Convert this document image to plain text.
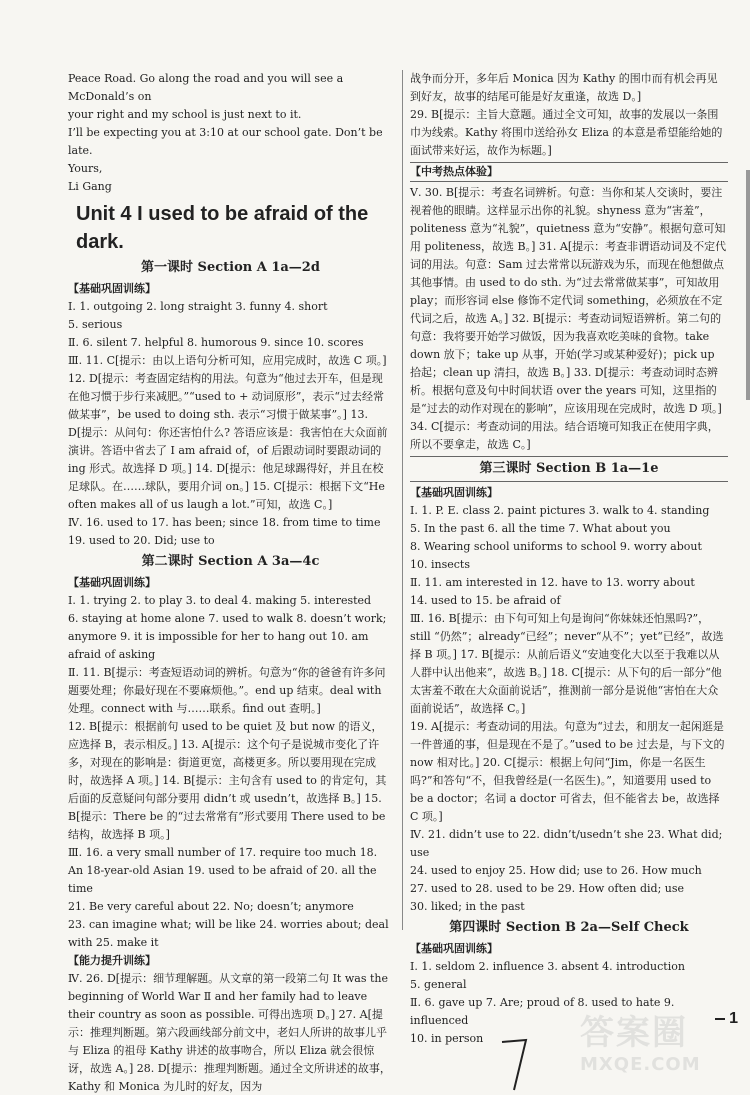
Peace Road. Go along the road and you will see a McDonald’s on

your right and my school is just next to it.

I’ll be expecting you at 3:10 at our school gate. Don’t be late.

Yours,

Li Gang

Unit 4 I used to be afraid of the dark.
第一课时 Section A 1a—2d
【基础巩固训练】

Ⅰ. 1. outgoing 2. long straight 3. funny 4. short

5. serious

Ⅱ. 6. silent 7. helpful 8. humorous 9. since 10. scores

Ⅲ. 11. C[提示：由以上语句分析可知，应用完成时，故选 C 项。]

12. D[提示：考查固定结构的用法。句意为“他过去开车，但是现在他习惯于步行来减肥。”“used to + 动词原形”，表示“过去经常做某事”，be used to doing sth. 表示“习惯于做某事”。] 13. D[提示：从问句：你还害怕什么? 答语应该是：我害怕在大众面前演讲。答语中省去了 I am afraid of，of 后跟动词时要跟动词的 ing 形式。故选择 D 项。] 14. D[提示：他足球踢得好，并且在校足球队。在……球队，要用介词 on。] 15. C[提示：根据下文“He often makes all of us laugh a lot.”可知，故选 C。]

Ⅳ. 16. used to 17. has been; since 18. from time to time

19. used to 20. Did; use to

第二课时 Section A 3a—4c
【基础巩固训练】

Ⅰ. 1. trying 2. to play 3. to deal 4. making 5. interested

6. staying at home alone 7. used to walk 8. doesn’t work; anymore 9. it is impossible for her to hang out 10. am afraid of asking

Ⅱ. 11. B[提示：考查短语动词的辨析。句意为“你的爸爸有许多问题要处理；你最好现在不要麻烦他。”。end up 结束。deal with 处理。connect with 与……联系。find out 查明。]

12. B[提示：根据前句 used to be quiet 及 but now 的语义，应选择 B，表示相反。] 13. A[提示：这个句子是说城市变化了许多，对现在的影响是：街道更宽，高楼更多。所以要用现在完成时，故选择 A 项。] 14. B[提示：主句含有 used to 的肯定句，其后面的反意疑问句部分要用 didn’t 或 usedn’t，故选择 B。] 15. B[提示：There be 的“过去常常有”形式要用 There used to be 结构，故选择 B 项。]

Ⅲ. 16. a very small number of 17. require too much 18. An 18-year-old Asian 19. used to be afraid of 20. all the time

21. Be very careful about 22. No; doesn’t; anymore

23. can imagine what; will be like 24. worries about; deal with 25. make it

【能力提升训练】

Ⅳ. 26. D[提示：细节理解题。从文章的第一段第二句 It was the beginning of World War Ⅱ and her family had to leave their country as soon as possible. 可得出选项 D。] 27. A[提示：推理判断题。第六段画线部分前文中，老妇人所讲的故事儿乎与 Eliza 的祖母 Kathy 讲述的故事吻合，所以 Eliza 就会很惊讶，故选 A。] 28. D[提示：推理判断题。通过全文所讲述的故事，Kathy 和 Monica 为儿时的好友，因为

战争而分开，多年后 Monica 因为 Kathy 的围巾而有机会再见到好友，故事的结尾可能是好友重逢，故选 D。]

29. B[提示：主旨大意题。通过全文可知，故事的发展以一条围巾为线索。Kathy 将围巾送给孙女 Eliza 的本意是希望能给她的面试带来好运，故作为标题。]

【中考热点体验】

Ⅴ. 30. B[提示：考查名词辨析。句意：当你和某人交谈时，要注视着他的眼睛。这样显示出你的礼貌。shyness 意为“害羞”，politeness 意为“礼貌”，quietness 意为“安静”。根据句意可知用 politeness，故选 B。] 31. A[提示：考查非谓语动词及不定代词的用法。句意：Sam 过去常常以玩游戏为乐，而现在他想做点其他事情。由 used to do sth. 为“过去常常做某事”，可知故用 play；而形容词 else 修饰不定代词 something，必须放在不定代词之后，故选 A。] 32. B[提示：考查动词短语辨析。第二句的句意：我将要开始学习做饭，因为我喜欢吃美味的食物。take down 放下；take up 从事，开始(学习或某种爱好)；pick up 拾起；clean up 清扫，故选 B。] 33. D[提示：考查动词时态辨析。根据句意及句中时间状语 over the years 可知，这里指的是“过去的动作对现在的影响”，应该用现在完成时，故选 D 项。] 34. C[提示：考查动词的用法。结合语境可知我正在使用字典，所以不要拿走，故选 C。]

第三课时 Section B 1a—1e
【基础巩固训练】

Ⅰ. 1. P. E. class 2. paint pictures 3. walk to 4. standing

5. In the past 6. all the time 7. What about you

8. Wearing school uniforms to school 9. worry about

10. insects

Ⅱ. 11. am interested in 12. have to 13. worry about

14. used to 15. be afraid of

Ⅲ. 16. B[提示：由下句可知上句是询问“你妹妹还怕黑吗?”，still “仍然”；already“已经”；never“从不”；yet“已经”，故选择 B 项。] 17. B[提示：从前后语义“安迪变化大以至于我难以从人群中认出他来”，故选 B。] 18. C[提示：从下句的后一部分“他太害羞不敢在大众面前说话”，推测前一部分是说他“害怕在大众面前说话”，故选择 C。]

19. A[提示：考查动词的用法。句意为“过去，和朋友一起闲逛是一件普通的事，但是现在不是了。”used to be 过去是，与下文的 now 相对比。] 20. C[提示：根据上句问“Jim，你是一名医生吗?”和答句“不，但我曾经是(一名医生)。”，知道要用 used to be a doctor；名词 a doctor 可省去，但不能省去 be，故选择 C 项。]

Ⅳ. 21. didn’t use to 22. didn’t/usedn’t she 23. What did; use

24. used to enjoy 25. How did; use to 26. How much

27. used to 28. used to be 29. How often did; use

30. liked; in the past

第四课时 Section B 2a—Self Check
【基础巩固训练】

Ⅰ. 1. seldom 2. influence 3. absent 4. introduction

5. general

Ⅱ. 6. gave up 7. Are; proud of 8. used to hate 9. influenced

10. in person

1
答案圈
MXQE.COM
